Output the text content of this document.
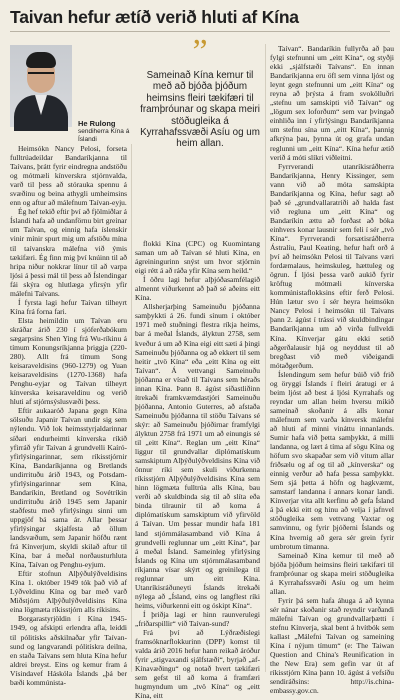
Taivan hefur ætíð verið hluti af Kína
He Rulong
sendiherra Kína á Íslandi
”
Sameinað Kína kemur til með að bjóða þjóðum heimsins fleiri tækifæri til framþróunar og skapa meiri stöðugleika á Kyrrahafssvæði Asíu og um heim allan.

Heimsókn Nancy Pelosi, forseta fulltrúadeildar Bandaríkjanna til Taívans, þrátt fyrir eindregna andstöðu og mótmæli kínverskra stjórnvalda, varð til þess að stórauka spennu á svæðinu og beina athygli umheimsins enn og aftur að málefnum Taívan-eyju.

Ég hef tekið eftir því að fjölmiðlar á Íslandi hafa að undanförnu birt greinar um Taívan, og einnig hafa íslenskir vinir mínir spurt mig um afstöðu mína til taívanskra málefna við ýmis tækifæri. Ég finn mig því knúinn til að hripa niður nokkrar línur til að varpa ljósi á þessi mál til þess að Íslendingar fái skýra og hlutlæga yfirsýn yfir málefni Taívans.

Í fyrsta lagi hefur Taívan tilheyrt Kína frá forna fari.

Elsta heimildin um Taívan eru skráðar árið 230 í sjóferðabókum sægarpsins Shen Ying frá Wu-ríkinu á tímum Konungsríkjanna þriggja (220-280). Allt frá tímum Song keisaraveldisins (960-1279) og Yuan keisaraveldisins (1270-1368) hafa Penghu-eyjar og Taívan tilheyrt kínverska keisaraveldinu og verið hluti af stjórnsýslusvæði þess.

Eftir aukaaróð Japana gegn Kína sölsuðu Japanir Taívan undir sig sem nýlendu. Við lok heimsstyrjaldarinnar síðari endurheimti kínverska ríkið yfirráð yfir Taívan á grundvelli Kaíró-yfirlýsingarinnar, sem ríkisstjórnir Kína, Bandaríkjanna og Bretlands undirrituðu árið 1943, og Potsdam-yfirlýsingarinnar sem Kína, Bandaríkin, Bretland og Sovétríkin undirrituðu árið 1945 sem Japanir staðfestu með yfirlýsingu sinni um uppgjöf bá sama ár. Allar þessar yfirlýsingar skjalfesta að öllum landsvæðum, sem Japanir höfðu rænt frá Kínverjum, skyldi skilað aftur til Kína, bar á meðal norðausturhluta Kína, Taívan og Penghu-eyjum.

Eftir stofnun Alþýðulýðveldisins Kína 1. október 1949 tók það við af Lýðveldinu Kína og bar með varð Miðstjórn Alþýðulýðveldisins Kína eina lögmæta ríkisstjórn alls ríkisins.

Borgarastyrjöldin í Kína 1945-1949, og afskipti erlendra afla, leiddi til pólitísks aðskilnaðar yfir Taívan-sund og langvarandi pólitískra deilna, en staða Taívans sem hluta Kína hefur aldrei breyst. Eins og kemur fram á Vísindavef Háskóla Íslands „þá ber bæði kommúnista-

flokki Kína (CPC) og Kuomintang saman um að Taívan sé hluti Kína, en ágreiningurinn snýst um hvor stjórnin eigi rétt á að ráða yfir Kína sem heild.“

Í öðru lagi hefur alþjóðasamfélagið almennt viðurkennt að það sé aðeins eitt Kína.

Allsherjarþing Sameinuðu þjóðanna samþykkti á 26. fundi sínum í október 1971 með stuðningi flestra ríkja heims, bar á meðal Íslands, ályktun 2758, sem kveður á um að Kína eigi eitt sæti á þingi Sameinuðu þjóðanna og að ekkert til sem heitir „tvö Kína“ eða „eitt Kína og eitt Taívan“. Á vettvangi Sameinuðu þjóðanna er vísað til Taívans sem héraðs innan Kína. Þann 8. ágúst síðastliðinn ítrekaði framkvæmdastjóri Sameinuðu þjóðanna, Antonio Guterres, að afstaða Sameinuðu þjóðanna til stöðu Taívans sé skýr: að Sameinuðu þjóðirnar framfylgi ályktun 2758 frá 1971 um að einungis sé til „eitt Kína“. Reglan um „eitt Kína“ liggur til grundvallar diplómatískum samskiptum Alþýðulýðveldisins Kína við önnur ríki sem skuli viðurkenna ríkisstjórn Alþýðulýðveldisins Kína sem hinn lögmæta fulltrúa alls Kína, bau verði að skuldbinda sig til að slíta eða binda tilraunir til að koma á diplómatískum samskiptum við yfirvöld á Taívan. Um þessar mundir hafa 181 land stjórnmálasamband við Kína á grundvelli reglunnar um „eitt Kína“, þar á meðal Ísland. Sameinleg yfirlýsing Íslands og Kína um stjórnmálasamband ríkjanna vísar skýrt og greinilega til reglunnar um eitt Kína. Utanríkisráðuneyti Íslands ítrekaði nýlega að „Ísland, eins og langflest ríki heims, viðurkenni eitt og óskipt Kína“.

Í þriðja lagi er hinn raunverulegi „friðarspillir“ við Taívan-sund?

Frá því að Lýðræðislegi framsóknarflokkurinn (DPP) komst til valda árið 2016 hefur hann reikað áróður fyrir „stigvaxandi sjálfstæði“, byrjað „af-Kínavæðingu“ og notað hvert tækifæri sem gefst til að koma á framfæri hugmyndum um „tvö Kína“ og „eitt Kína, eitt

Taívan“. Bandaríkin fullyrða að þau fylgi stefnunni um „eitt Kína“, og styðji ekki „sjálfstæði Taívans“. En innan Bandaríkjanna eru öfl sem vinna ljóst og leynt gegn stefnunni um „eitt Kína“ og reyna að þrýsta á fram svokölluðri „stefnu um samskipti við Taívan“ og „lögum sex loforðum“ sem var þvingað einhliða inn í yfirlýsingu Bandaríkjanna um stefnu sína um „eitt Kína“, þannig afkrýna þau, þynna út og grafa undan reglunni um „eitt Kína“. Kína hefur ætíð verið á móti slíkri viðleitni.

Fyrrverandi utanríkisráðherra Bandaríkjanna, Henry Kissinger, sem vann við að móta samskipta Bandaríkjanna og Kína, hefur sagt að það sé „grundvallaratriði að halda fast við regluna um „eitt Kína“ og Bandaríkin ættu að forðast að bóka einhvers konar lausnir sem feli í sér „tvö Kína“. Fyrrverandi forsætisráðherra Ástralíu, Paul Keating, hefur haft orð á því að heimsókn Pelosi til Taívans væri fordæmalaus, heimskuleg, hættuleg og ögrun. Í ljósi þessa varð aukið fyrir kröftug mótmæli kínverska kommúnistaflokksins eftir ferð Pelosi. Hún lætur svo í sér heyra heimsókn Nancy Pelosi í heimsókn til Taívans þann 2. ágúst í trássi við skuldbindingar Bandaríkjanna um að virða fullveldi Kína. Kínverjar gátu ekki setið aðgerðalausir hjá og neyddust til að bregðast við með viðeigandi mótaðgerðum.

Íslendingum sem hefur búið við frið og öryggi Íslands í fleiri áratugi er á beim ljóst að best á ljósi Kyrrahafs og reyndar um allan heim hversu mikið sameinað skoðanir á alls konar málefnum sem varða kínversk málefni að hluti af minni vináttu innanlands. Sumir hafa við þetta samþykkt, á milli landanna, og lært á tíma af sögu Kína og höfum svo skapaðar sem við vitum allar friðsælu og af og til að „kínverska“ og einnig verður að hafa þessa samþykkt. Sem sjá þetta á höfn og hagkvæmt, samstarf landanna í annars konar landi. Kínverjar vita allt kerfinu að gefa Ísland á þá ekki eitt og hinu að velja í jafnvel stöðugleika sem vettvang Vaxtar og samvinnu, og fyrir þjóðerni Íslands og Kína hvernig að gera sér grein fyrir umbrotum tímanna.

Sameinað Kína kemur til með að bjóða þjóðum heimsins fleiri tækifæri til framþróunar og skapa meiri stöðugleika á Kyrrahafssvæði Asíu og um heim allan.

Fyrir þá sem hafa áhuga á að kynna sér nánar skoðanir stað reyndir varðandi málefni Taívan og grundvallarþætti í stefnu Kínverja, skal bent á hvítbók sem kallast „Málefni Taívan og sameining Kína í nýjum tímum“ (e: The Taiwan Question and China's Reunification in the New Era) sem gefin var út af ríkisstjórn Kína þann 10. ágúst á vefsíðu sendiráðsins: http://is.china-embassy.gov.cn.
